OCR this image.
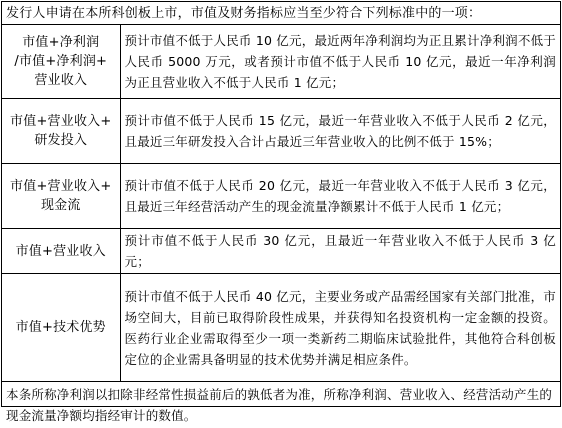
发行人申请在本所科创板上市，市值及财务指标应当至少符合下列标准中的一项：	

市值+净利润
/市值+净利润+
营业收入	预计市值不低于人民币 10 亿元，最近两年净利润均为正且累计净利润不低于人民币 5000 万元，或者预计市值不低于人民币 10 亿元，最近一年净利润为正且营业收入不低于人民币 1 亿元；

市值+营业收入+
研发投入	预计市值不低于人民币 15 亿元，最近一年营业收入不低于人民币 2 亿元，且最近三年研发投入合计占最近三年营业收入的比例不低于 15%；

市值+营业收入+
现金流	预计市值不低于人民币 20 亿元，最近一年营业收入不低于人民币 3 亿元，且最近三年经营活动产生的现金流量净额累计不低于人民币 1 亿元；

市值+营业收入	预计市值不低于人民币 30 亿元，且最近一年营业收入不低于人民币 3 亿元；

市值+技术优势	预计市值不低于人民币 40 亿元，主要业务或产品需经国家有关部门批准，市场空间大，目前已取得阶段性成果，并获得知名投资机构一定金额的投资。医药行业企业需取得至少一项一类新药二期临床试验批件，其他符合科创板定位的企业需具备明显的技术优势并满足相应条件。
本条所称净利润以扣除非经常性损益前后的孰低者为准，所称净利润、营业收入、经营活动产生的现金流量净额均指经审计的数值。	
